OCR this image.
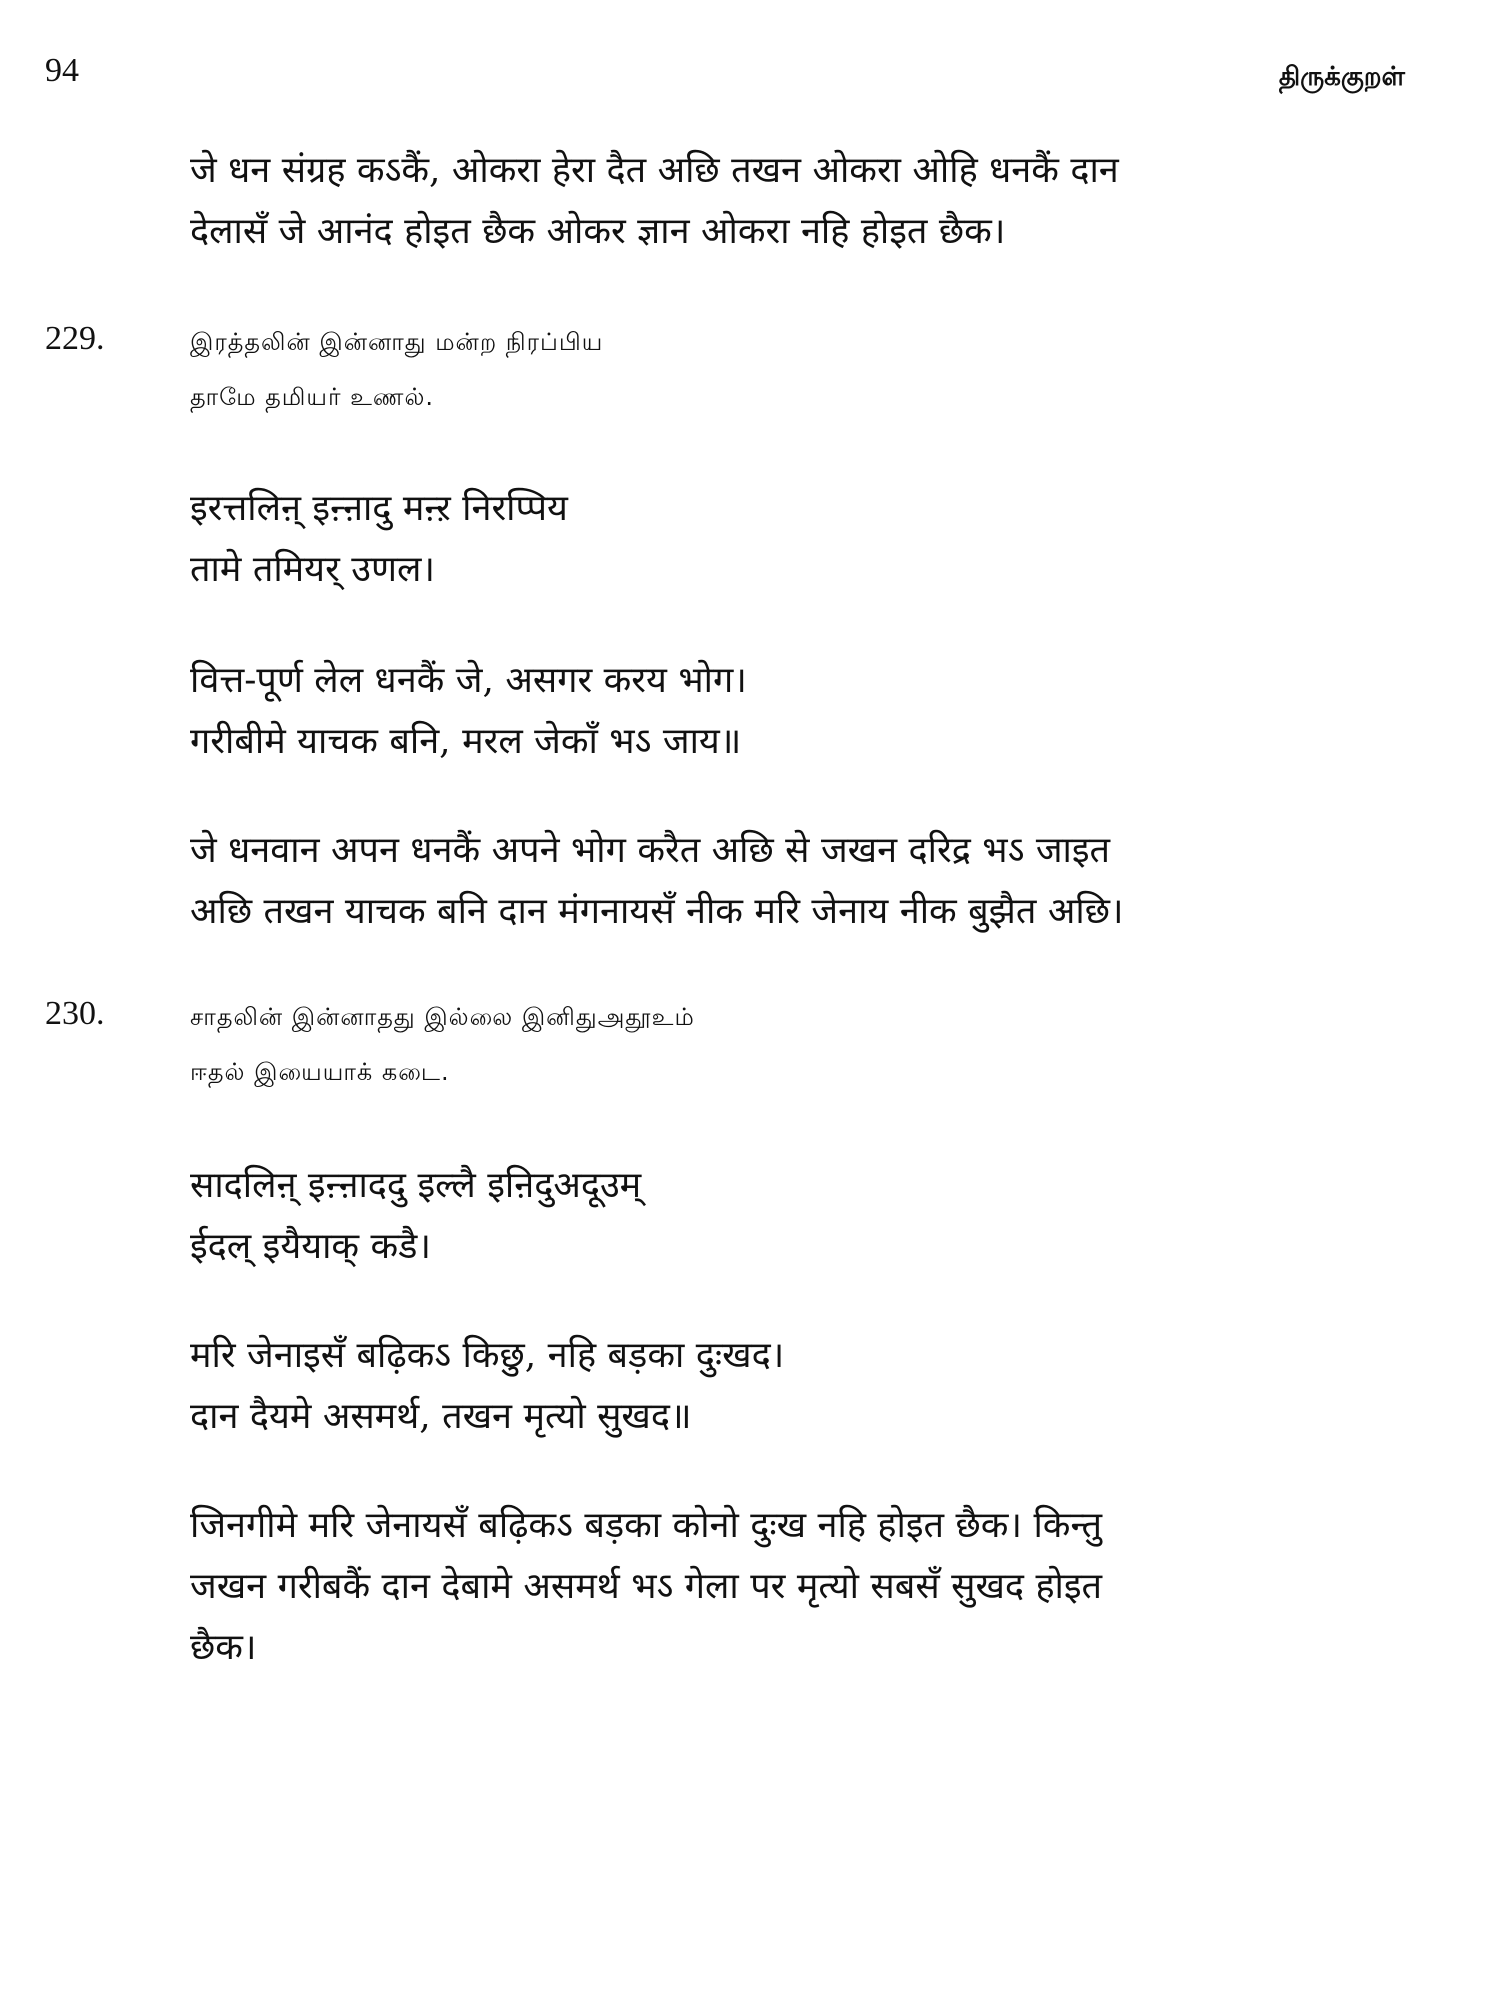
94	திருக்குறள்
जे धन संग्रह कऽकैं, ओकरा हेरा दैत अछि तखन ओकरा ओहि धनकैं दान
देलासँ जे आनंद होइत छैक ओकर ज्ञान ओकरा नहि होइत छैक।
229.	இரத்தலின் இன்னாது மன்ற நிரப்பிய
தாமே தமியர் உணல்.
इरत्तलिऩ् इऩ्ऩादु मऩ्ऱ निरप्पिय
तामे तमियर् उणल।
वित्त-पूर्ण लेल धनकैं जे, असगर करय भोग।
गरीबीमे याचक बनि, मरल जेकाँ भऽ जाय॥
जे धनवान अपन धनकैं अपने भोग करैत अछि से जखन दरिद्र भऽ जाइत
अछि तखन याचक बनि दान मंगनायसँ नीक मरि जेनाय नीक बुझैत अछि।
230.	சாதலின் இன்னாதது இல்லை இனிதுஅதூஉம்
ஈதல் இயையாக் கடை.
सादलिऩ् इऩ्ऩाददु इल्लै इऩिदुअदूउम्
ईदल् इयैयाक् कडै।
मरि जेनाइसँ बढ़िकऽ किछु, नहि बड़का दुःखद।
दान दैयमे असमर्थ, तखन मृत्यो सुखद॥
जिनगीमे मरि जेनायसँ बढ़िकऽ बड़का कोनो दुःख नहि होइत छैक। किन्तु
जखन गरीबकैं दान देबामे असमर्थ भऽ गेला पर मृत्यो सबसँ सुखद होइत
छैक।
